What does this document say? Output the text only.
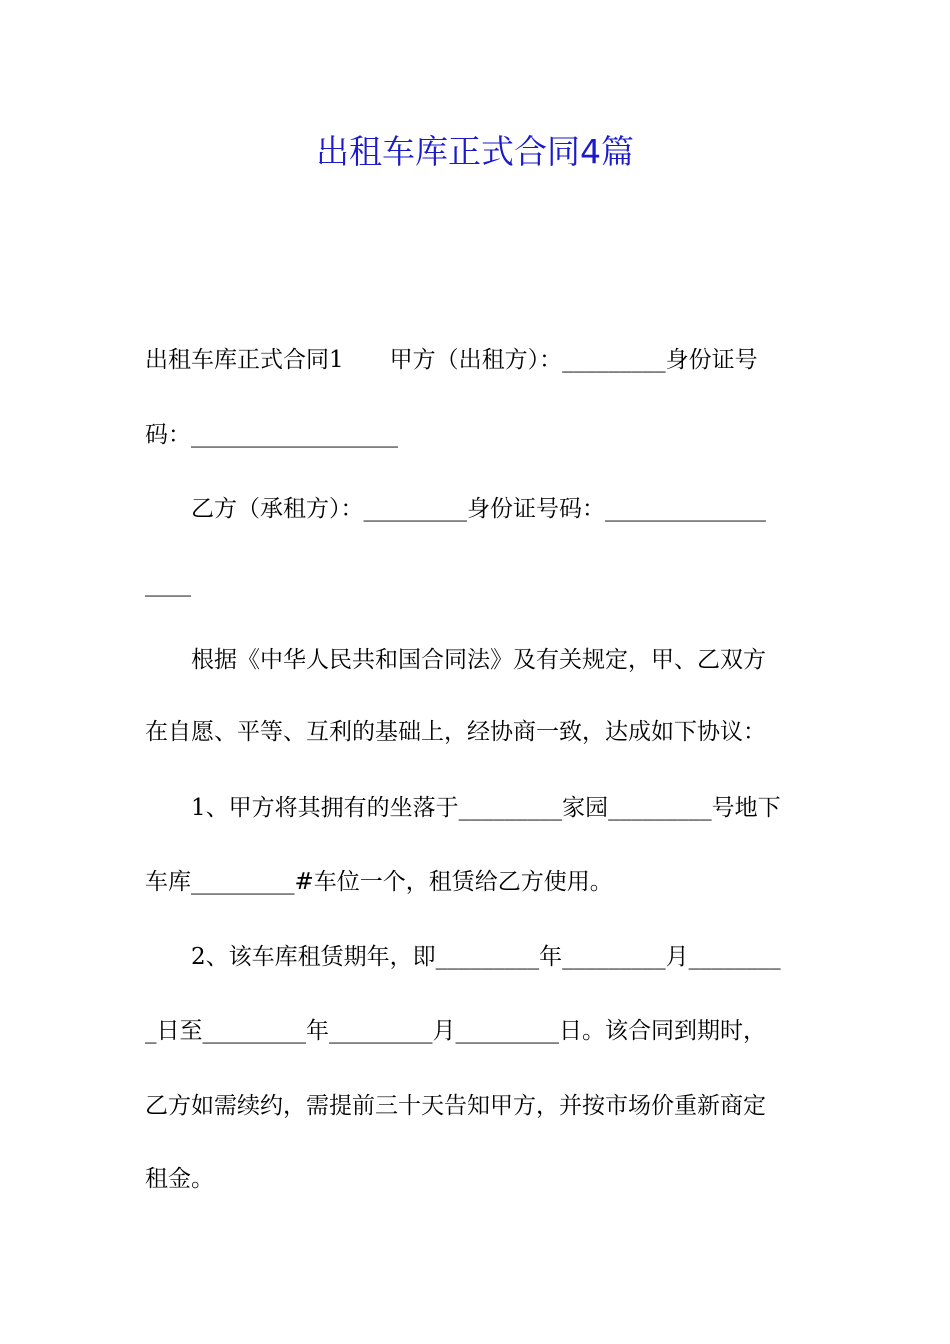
出租车库正式合同4篇
出租车库正式合同1　　甲方（出租方）：_________身份证号
码：__________________
　　乙方（承租方）：_________身份证号码：______________
____
　　根据《中华人民共和国合同法》及有关规定，甲、乙双方
在自愿、平等、互利的基础上，经协商一致，达成如下协议：
　　1、甲方将其拥有的坐落于_________家园_________号地下
车库_________#车位一个，租赁给乙方使用。
　　2、该车库租赁期年，即_________年_________月________
_日至_________年_________月_________日。该合同到期时，
乙方如需续约，需提前三十天告知甲方，并按市场价重新商定
租金。
